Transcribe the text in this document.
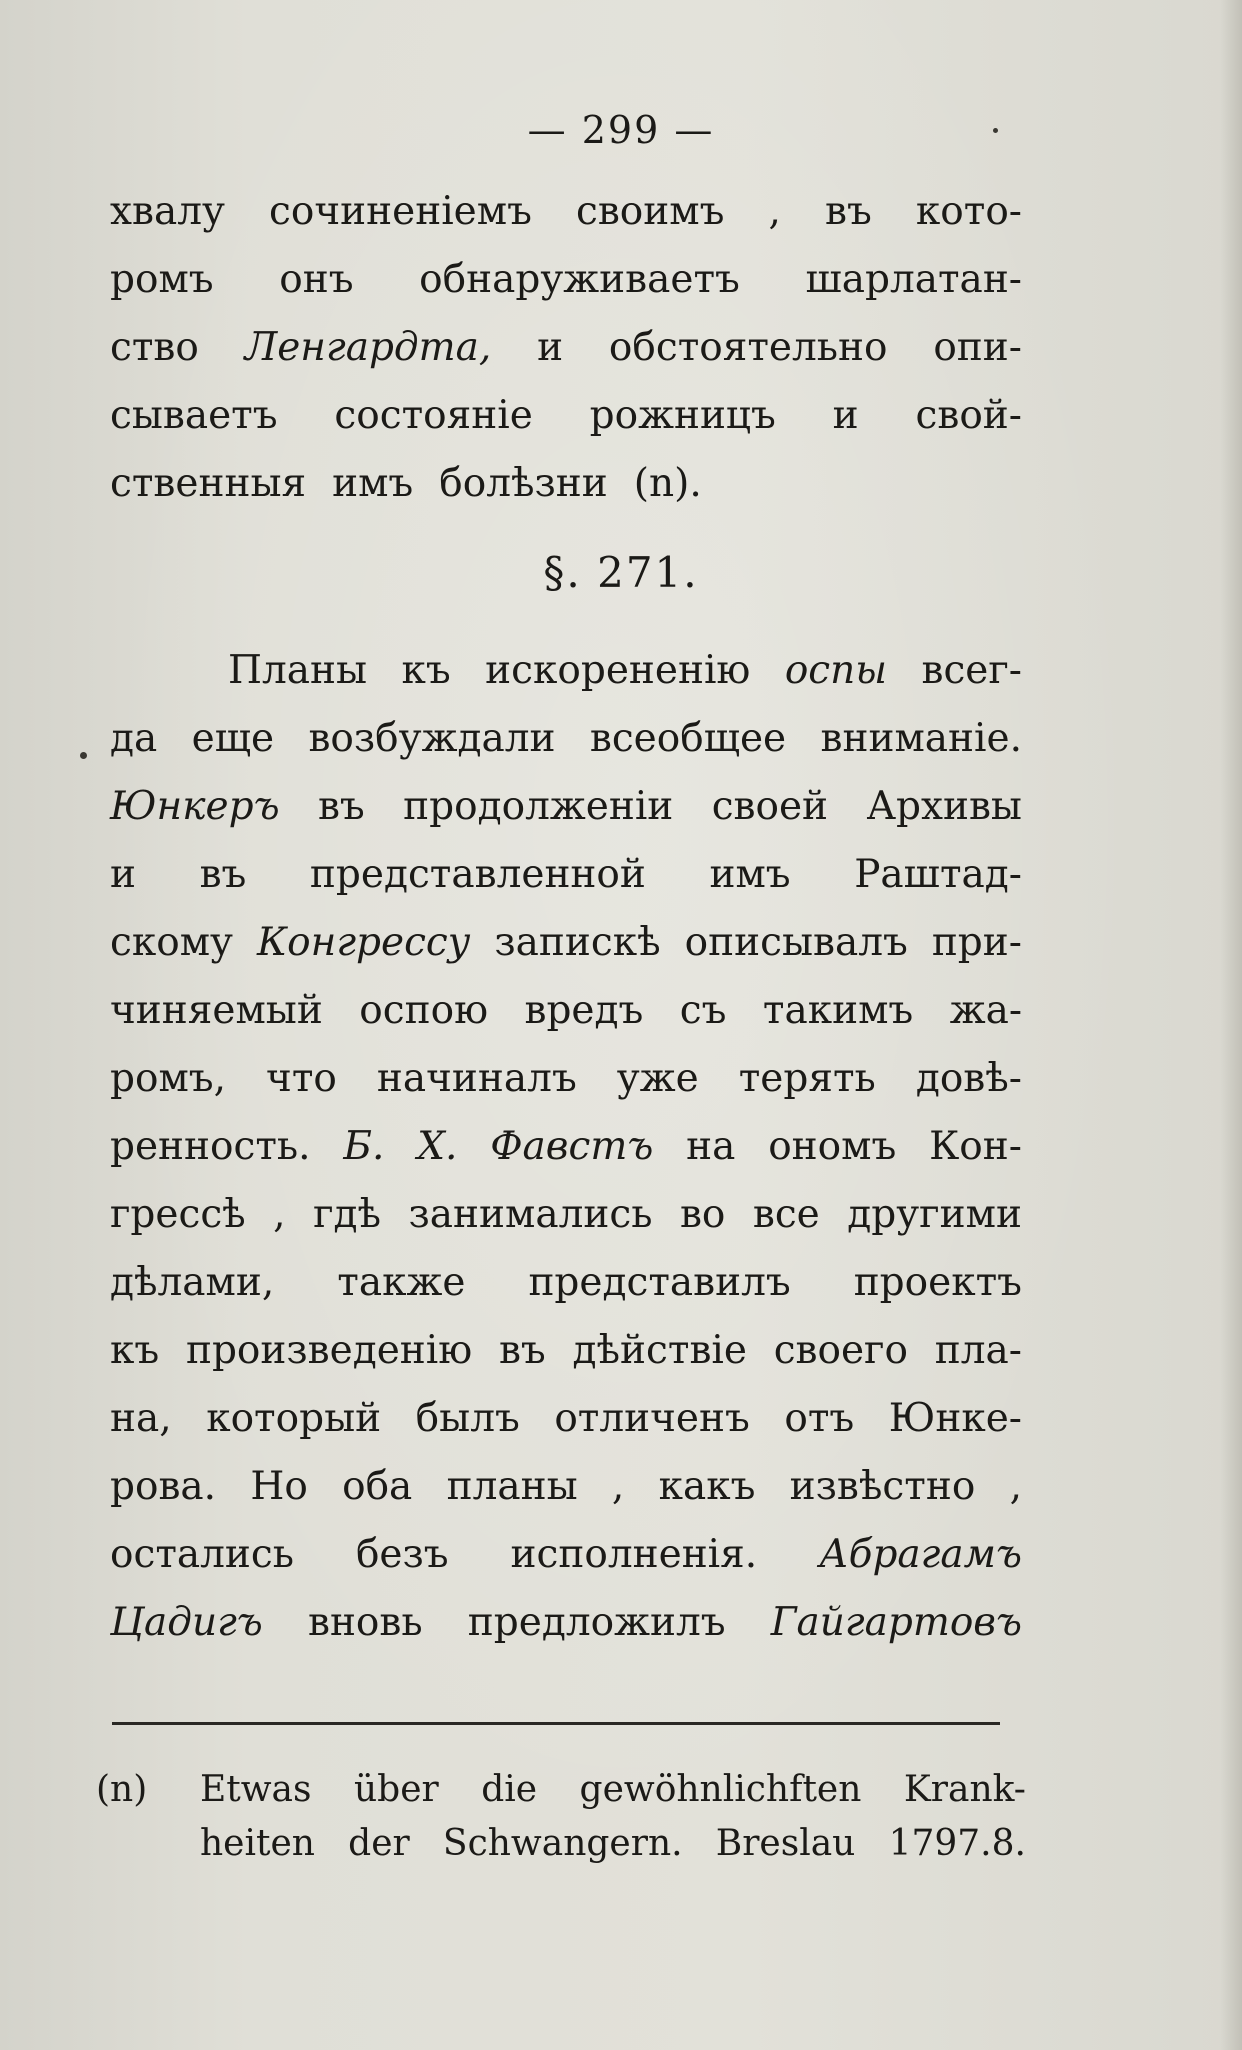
— 299 —
хвалу сочиненіемъ своимъ , въ кото-
ромъ онъ обнаруживаетъ шарлатан-
ство Ленгардта, и обстоятельно опи-
сываетъ состояніе рожницъ и свой-
ственныя имъ болѣзни (n).
§. 271.
Планы къ искорененію оспы всег-
да еще возбуждали всеобщее вниманіе.
Юнкеръ въ продолженіи своей Архивы
и въ представленной имъ Раштад-
скому Конгрессу запискѣ описывалъ при-
чиняемый оспою вредъ съ такимъ жа-
ромъ, что начиналъ уже терять довѣ-
ренность. Б. Х. Фавстъ на ономъ Кон-
грессѣ , гдѣ занимались во все другими
дѣлами, также представилъ проектъ
къ произведенію въ дѣйствіе своего пла-
на, который былъ отличенъ отъ Юнке-
рова. Но оба планы , какъ извѣстно ,
остались безъ исполненія. Абрагамъ
Цадигъ вновь предложилъ Гайгартовъ
(n)	Etwas über die gewöhnlichften Krank-
heiten der Schwangern. Breslau 1797.8.
